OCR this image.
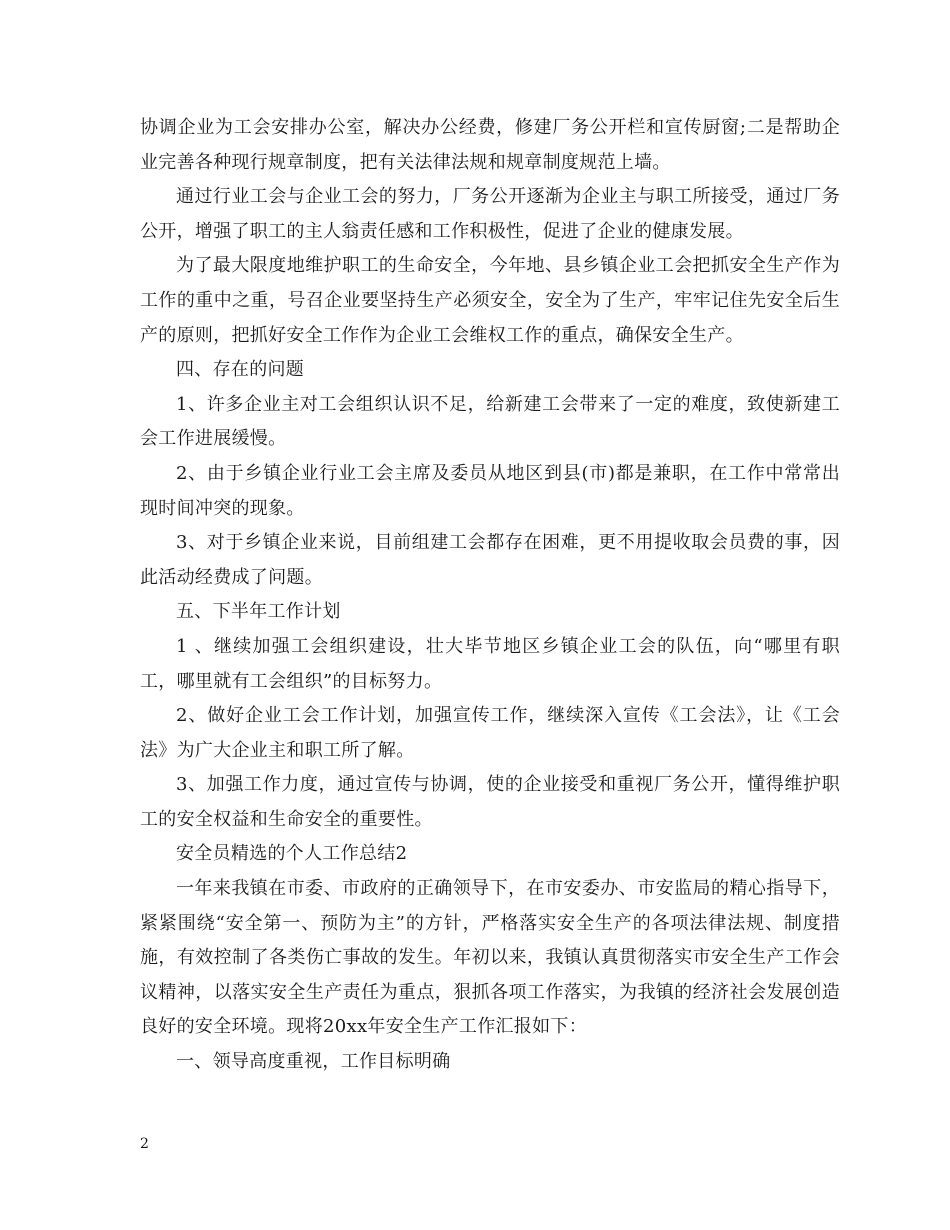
协调企业为工会安排办公室，解决办公经费，修建厂务公开栏和宣传厨窗;二是帮助企业完善各种现行规章制度，把有关法律法规和规章制度规范上墙。

通过行业工会与企业工会的努力，厂务公开逐渐为企业主与职工所接受，通过厂务公开，增强了职工的主人翁责任感和工作积极性，促进了企业的健康发展。

为了最大限度地维护职工的生命安全，今年地、县乡镇企业工会把抓安全生产作为工作的重中之重，号召企业要坚持生产必须安全，安全为了生产，牢牢记住先安全后生产的原则，把抓好安全工作作为企业工会维权工作的重点，确保安全生产。

四、存在的问题

1、许多企业主对工会组织认识不足，给新建工会带来了一定的难度，致使新建工会工作进展缓慢。

2、由于乡镇企业行业工会主席及委员从地区到县(市)都是兼职，在工作中常常出现时间冲突的现象。

3、对于乡镇企业来说，目前组建工会都存在困难，更不用提收取会员费的事，因此活动经费成了问题。

五、下半年工作计划

1 、继续加强工会组织建设，壮大毕节地区乡镇企业工会的队伍，向“哪里有职工，哪里就有工会组织”的目标努力。

2、做好企业工会工作计划，加强宣传工作，继续深入宣传《工会法》，让《工会法》为广大企业主和职工所了解。

3、加强工作力度，通过宣传与协调，使的企业接受和重视厂务公开，懂得维护职工的安全权益和生命安全的重要性。

安全员精选的个人工作总结2

一年来我镇在市委、市政府的正确领导下，在市安委办、市安监局的精心指导下，紧紧围绕“安全第一、预防为主”的方针，严格落实安全生产的各项法律法规、制度措施，有效控制了各类伤亡事故的发生。年初以来，我镇认真贯彻落实市安全生产工作会议精神，以落实安全生产责任为重点，狠抓各项工作落实，为我镇的经济社会发展创造良好的安全环境。现将20xx年安全生产工作汇报如下：

一、领导高度重视，工作目标明确

2
